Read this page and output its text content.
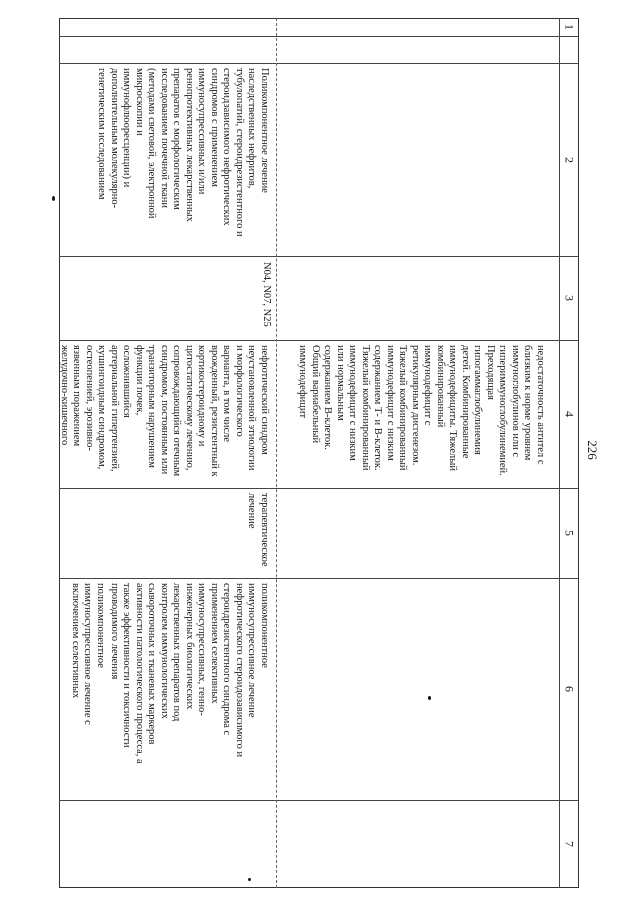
1
2
3
4
5
6
7
226
недостаточность антител с
близким к норме уровнем
иммуноглобулинов или с
гипериммуноглобулинемией.
Преходящая
гипогаммаглобулинемия
детей. Комбинированные
иммунодефициты. Тяжелый
комбинированный
иммунодефицит с
ретикулярным дисгенезом.
Тяжелый комбинированный
иммунодефицит с низким
содержанием Т- и В-клеток.
Тяжелый комбинированный
иммунодефицит с низким
или нормальным
содержанием В-клеток.
Общий вариабельный
иммунодефицит
Поликомпонентное лечение
наследственных нефритов,
тубулопатий, стероидрезистентного и
стероидзависимого нефротических
синдромов с применением
иммуносупрессивных и/или
ренопротективных лекарственных
препаратов с морфологическим
исследованием почечной ткани
(методами световой, электронной
микроскопии и
иммунофлюоресценции) и
дополнительным молекулярно-
генетическим исследованием
N04, N07, N25
нефротический синдром
неустановленной этиологии
и морфологического
варианта, в том числе
врожденный, резистентный к
кортикостероидному и
цитостатическому лечению,
сопровождающийся отечным
синдромом, постоянным или
транзиторным нарушением
функции почек,
осложнившийся
артериальной гипертензией,
кушингоидным синдромом,
остеопенией, эрозивно-
язвенным поражением
желудочно-кишечного
терапевтическое
лечение
поликомпонентное
иммуносупрессивное лечение
нефротического стероидозависимого и
стероидрезистентного синдрома с
применением селективных
иммуносупрессивных, генно-
инженерных биологических
лекарственных препаратов под
контролем иммунологических
сывороточных и тканевых маркеров
активности патологического процесса, а
также эффективности и токсичности
проводимого лечения
поликомпонентное
иммуносупрессивное лечение с
включением селективных
